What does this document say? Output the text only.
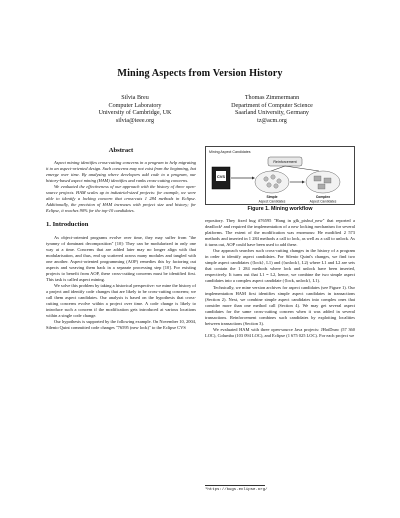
Mining Aspects from Version History
Silvia Breu
Computer Laboratory
University of Cambridge, UK
silvia@ieee.org
Thomas Zimmermann
Department of Computer Science
Saarland University, Germany
tz@acm.org
Abstract

Aspect mining identifies cross-cutting concerns in a program to help migrating it to an aspect-oriented design. Such concerns may not exist from the beginning, but emerge over time. By analysing where developers add code to a program, our history-based aspect mining (HAM) identifies and ranks cross-cutting concerns.

We evaluated the effectiveness of our approach with the history of three open-source projects. HAM scales up to industrial-sized projects: for example, we were able to identify a locking concern that cross-cuts 1 284 methods in Eclipse. Additionally, the precision of HAM increases with project size and history; for Eclipse, it reaches 90% for the top-10 candidates.

1. Introduction

As object-oriented programs evolve over time, they may suffer from "the tyranny of dominant decomposition" [10]: They can be modularized in only one way at a time. Concerns that are added later may no longer align with that modularisation, and thus, end up scattered across many modules and tangled with one another. Aspect-oriented programming (AOP) remedies this by factoring out aspects and weaving them back in a separate processing step [10]. For existing projects to benefit from AOP, these cross-cutting concerns must be identified first. This task is called aspect mining.

We solve this problem by taking a historical perspective: we mine the history of a project and identify code changes that are likely to be cross-cutting concerns; we call them aspect candidates. Our analysis is based on the hypothesis that cross-cutting concerns evolve within a project over time. A code change is likely to introduce such a concern if the modification gets introduced at various locations within a single code change.

Our hypothesis is supported by the following example. On November 10, 2004, Silenio Quint committed code changes "76595 (new lock)" to the Eclipse CVS

Mining Aspect Candidates
Reinforcement
CVS
Simple
Aspect Candidates
Complex
Aspect Candidates
Figure 1. Mining workflow

repository. They fixed bug #76595 "Hang in gfk_pixbuf_new" that reported a deadlock¹ and required the implementation of a new locking mechanism for several platforms. The extent of the modification was enormous: He modified 2 573 methods and inserted in 1 284 methods a call to lock, as well as a call to unlock. As it turns out, AOP could have been used to add these.

Our approach searches such cross-cutting changes in the history of a program in order to identify aspect candidates. For Silenio Quint's changes, we find two simple aspect candidates ({lock}, L1) and ({unlock}, L2) where L1 and L2 are sets that contain the 1 284 methods where lock and unlock have been inserted, respectively. It turns out that L1 = L2, hence, we combine the two simple aspect candidates into a complex aspect candidate ({lock, unlock}, L1).

Technically, we mine version archives for aspect candidates (see Figure 1). Our implementation HAM first identifies simple aspect candidates in transactions (Section 2). Next, we combine simple aspect candidates into complex ones that consider more than one method call (Section 4). We may get several aspect candidates for the same cross-cutting concern when it was added in several transactions. Reinforcement combines such candidates by exploiting localities between transactions (Section 3).

We evaluated HAM with three open-source Java projects: JHotDraw (57 360 LOC), Columba (103 094 LOC), and Eclipse (1 675 025 LOC). For each project we

¹https://bugs.eclipse.org/
